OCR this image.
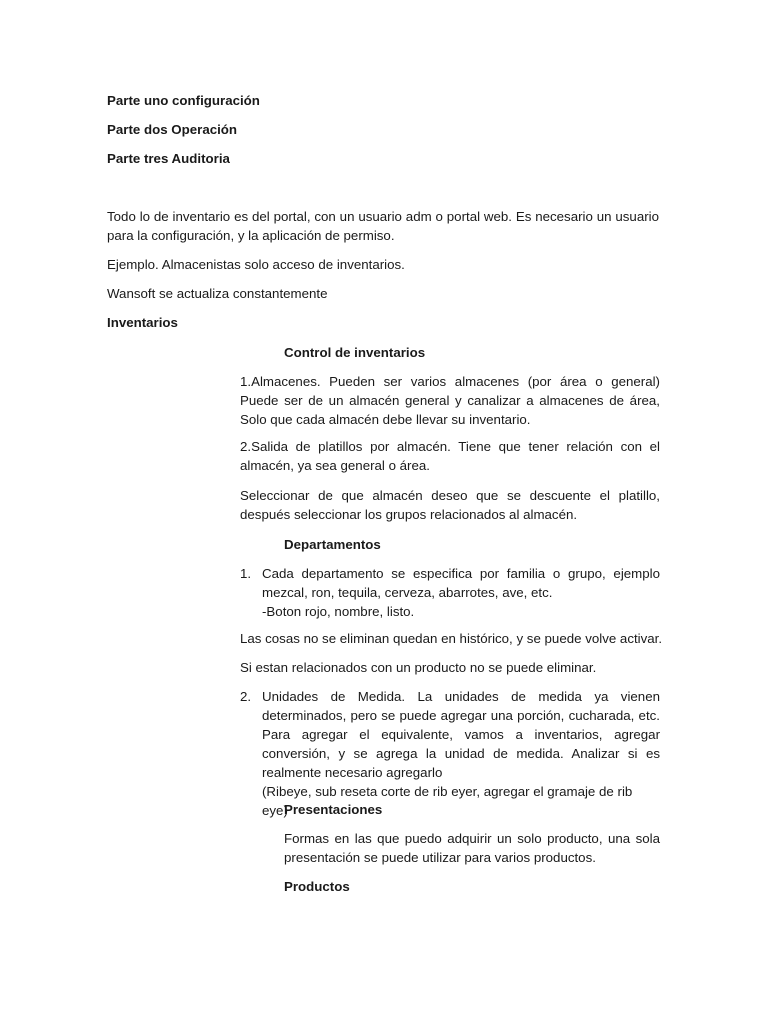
Parte uno configuración

Parte dos Operación

Parte tres Auditoria

Todo lo de inventario es del portal, con un usuario adm o portal web. Es necesario un usuario para la configuración, y la aplicación de permiso.

Ejemplo. Almacenistas solo acceso de inventarios.

Wansoft se actualiza constantemente

Inventarios

Control de inventarios

1.Almacenes. Pueden ser varios almacenes (por área o general) Puede ser de un almacén general y canalizar a almacenes de área, Solo que cada almacén debe llevar su inventario.

2.Salida de platillos por almacén. Tiene que tener relación con el almacén, ya sea general o área.

Seleccionar de que almacén deseo que se descuente el platillo, después seleccionar los grupos relacionados al almacén.

Departamentos

1. Cada departamento se especifica por familia o grupo, ejemplo mezcal, ron, tequila, cerveza, abarrotes, ave, etc.
-Boton rojo, nombre, listo.

Las cosas no se eliminan quedan en histórico, y se puede volve activar.

Si estan relacionados con un producto no se puede eliminar.

2. Unidades de Medida. La unidades de medida ya vienen determinados, pero se puede agregar una porción, cucharada, etc. Para agregar el equivalente, vamos a inventarios, agregar conversión, y se agrega la unidad de medida. Analizar si es realmente necesario agregarlo
(Ribeye, sub reseta corte de rib eyer, agregar el gramaje de rib eye)

Presentaciones

Formas en las que puedo adquirir un solo producto, una sola presentación se puede utilizar para varios productos.

Productos
